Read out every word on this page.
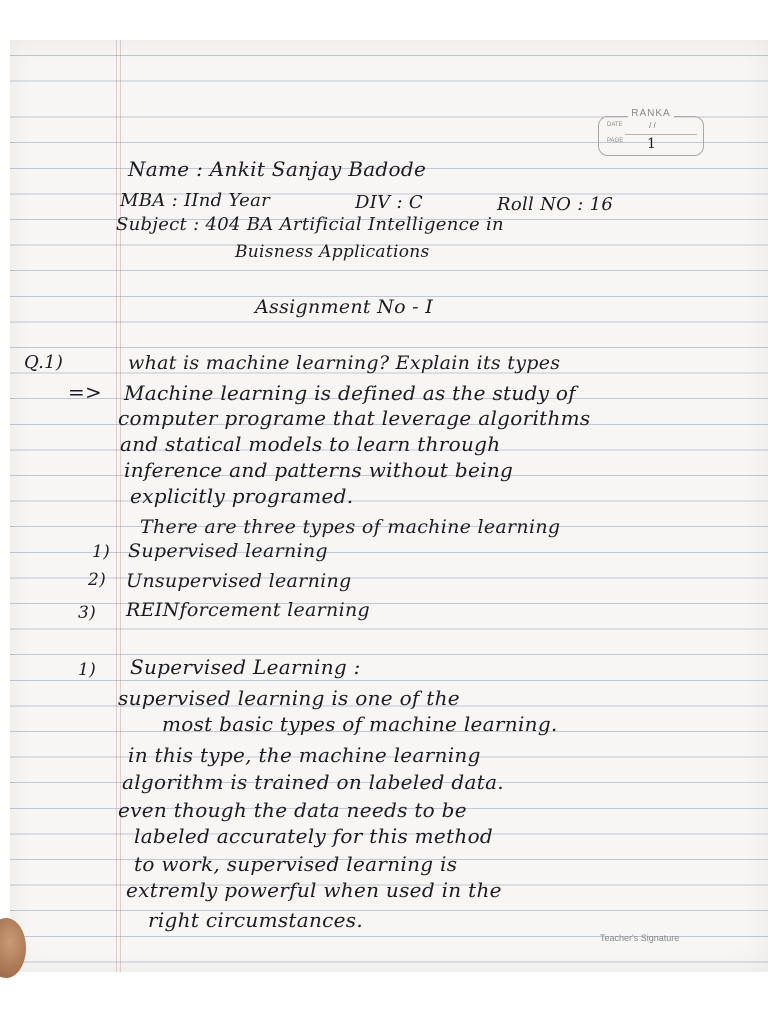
RANKA
DATE	/ /
PAGE 1
Name : Ankit Sanjay Badode
MBA : IInd Year	DIV : C	Roll NO : 16
Subject : 404 BA Artificial Intelligence in
Buisness Applications
Assignment No - I
Q.1)	what is machine learning? Explain its types
=> Machine learning is defined as the study of
computer programe that leverage algorithms
and statical models to learn through
inference and patterns without being
explicitly programed.
There are three types of machine learning
1) Supervised learning
2) Unsupervised learning
3) REINforcement learning
1) Supervised Learning :
supervised learning is one of the
most basic types of machine learning.
in this type, the machine learning
algorithm is trained on labeled data.
even though the data needs to be
labeled accurately for this method
to work, supervised learning is
extremly powerful when used in the
right circumstances.
Teacher's Signature
